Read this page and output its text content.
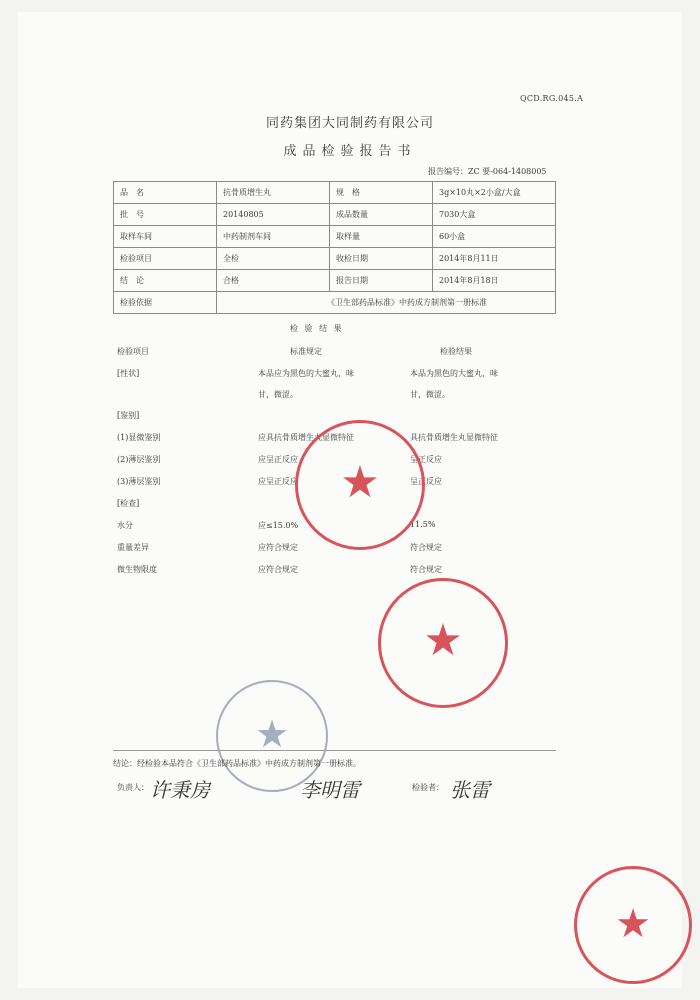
QCD.RG.045.A
同药集团大同制药有限公司
成品检验报告书
报告编号：ZC 要-064-1408005
品　名	抗骨质增生丸	规　格	3g×10丸×2小盒/大盒
批　号	20140805	成品数量	7030大盒
取样车间	中药制剂车间	取样量	60小盒
检验项目	全检	收检日期	2014年8月11日
结　论	合格	报告日期	2014年8月18日
检验依据	《卫生部药品标准》中药成方制剂第一册标准		
检 验 结 果
检验项目	标准规定	检验结果
[性状]	本品应为黑色的大蜜丸，味	本品为黑色的大蜜丸，味
甘，微涩。	甘，微涩。
[鉴别]
(1)显微鉴别	应具抗骨质增生丸显微特征	具抗骨质增生丸显微特征
(2)薄层鉴别	应呈正反应	呈正反应
(3)薄层鉴别	应呈正反应	呈正反应
[检查]
水分	应≤15.0%	11.5%
重量差异	应符合规定	符合规定
微生物限度	应符合规定	符合规定
★
★
★
★
结论：经检验本品符合《卫生部药品标准》中药成方制剂第一册标准。
负责人： 许秉房	李明雷	检验者： 张雷
